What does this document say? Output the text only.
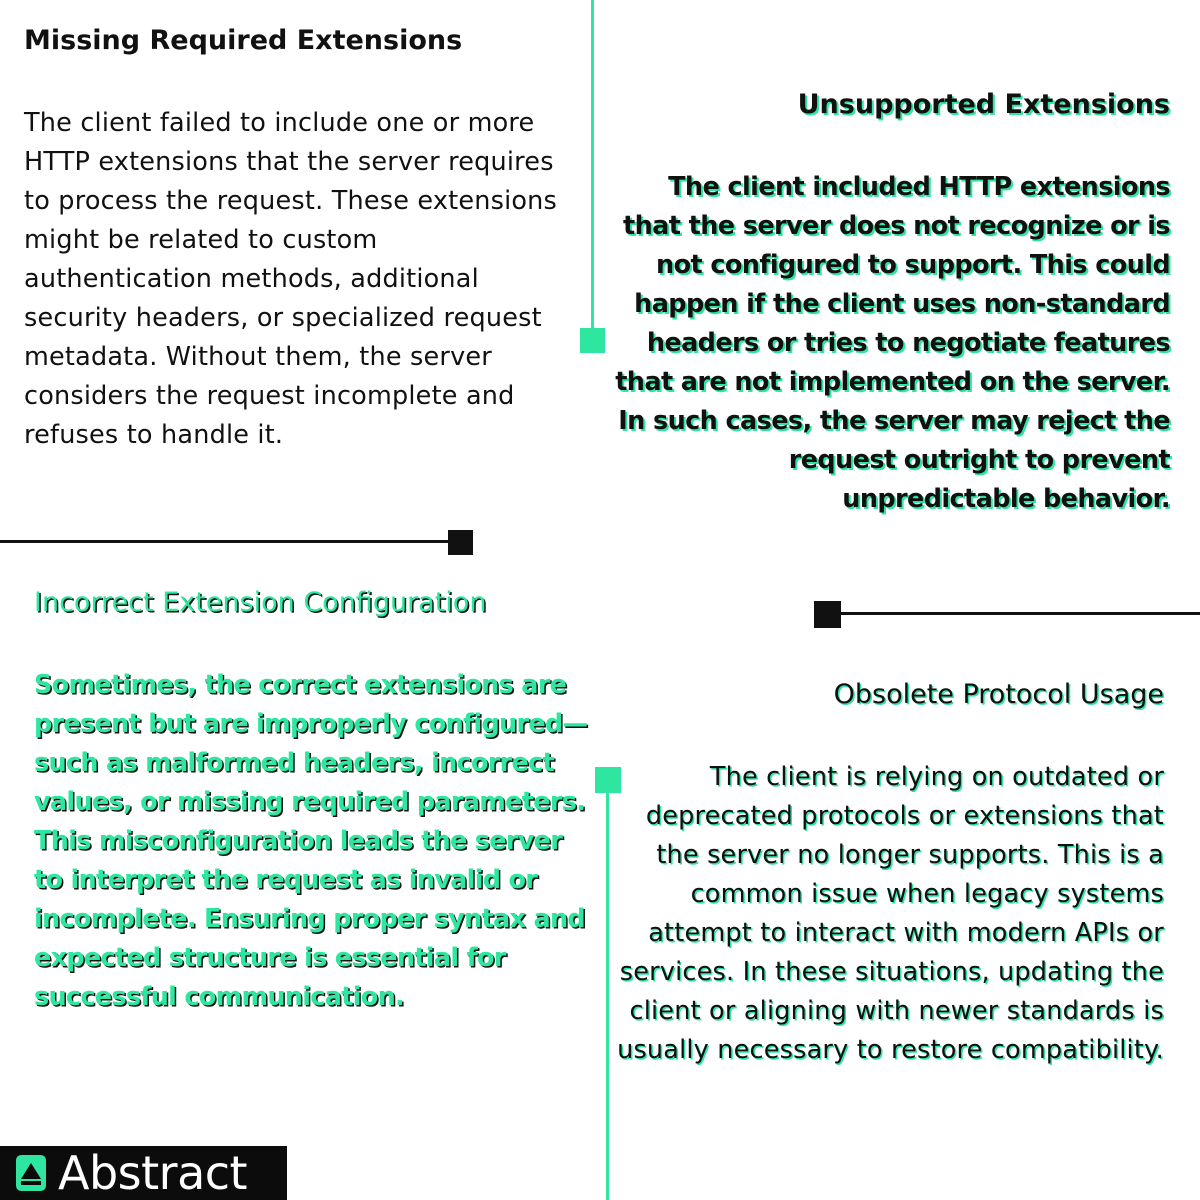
Missing Required Extensions

The client failed to include one or more HTTP extensions that the server requires to process the request. These extensions might be related to custom authentication methods, additional security headers, or specialized request metadata. Without them, the server considers the request incomplete and refuses to handle it.

Unsupported Extensions

The client included HTTP extensions that the server does not recognize or is not configured to support. This could happen if the client uses non-standard headers or tries to negotiate features that are not implemented on the server. In such cases, the server may reject the request outright to prevent unpredictable behavior.

Incorrect Extension Configuration

Sometimes, the correct extensions are present but are improperly configured—such as malformed headers, incorrect values, or missing required parameters. This misconfiguration leads the server to interpret the request as invalid or incomplete. Ensuring proper syntax and expected structure is essential for successful communication.

Obsolete Protocol Usage

The client is relying on outdated or deprecated protocols or extensions that the server no longer supports. This is a common issue when legacy systems attempt to interact with modern APIs or services. In these situations, updating the client or aligning with newer standards is usually necessary to restore compatibility.

Abstract
